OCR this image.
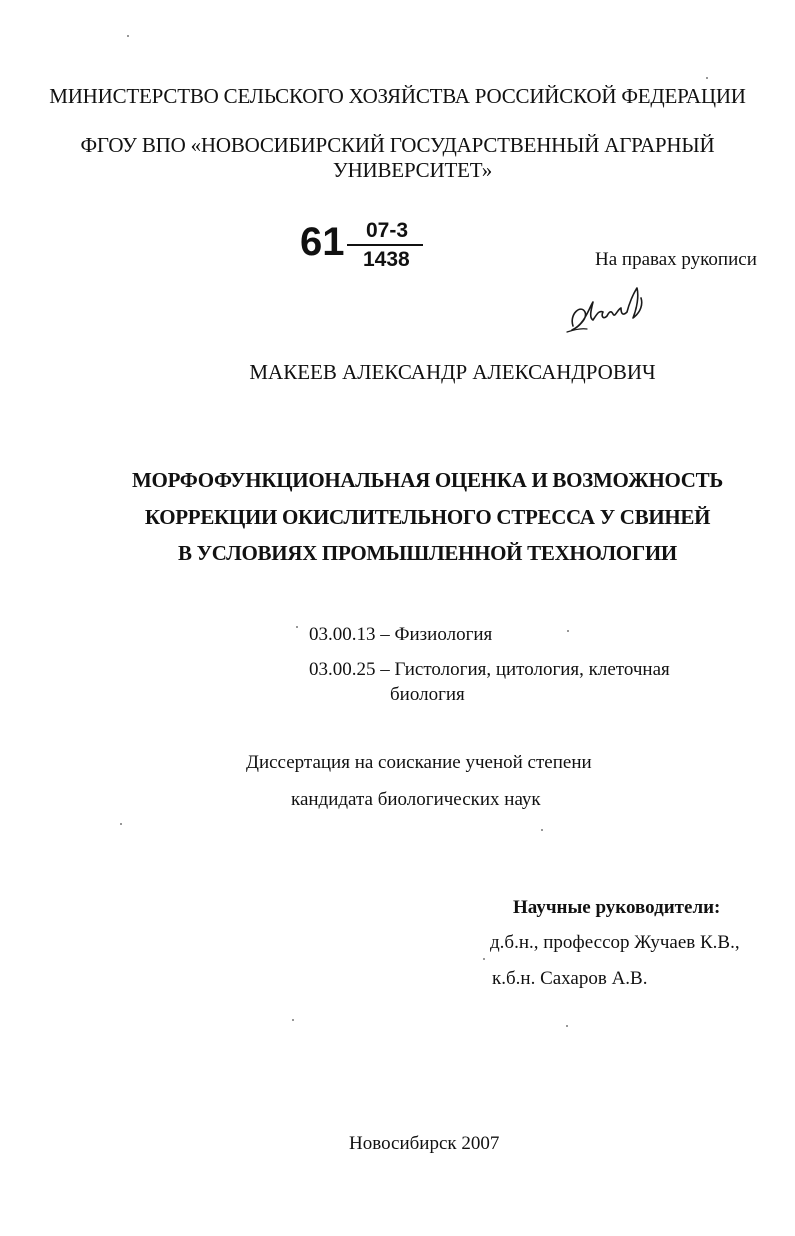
МИНИСТЕРСТВО СЕЛЬСКОГО ХОЗЯЙСТВА РОССИЙСКОЙ ФЕДЕРАЦИИ
ФГОУ ВПО «НОВОСИБИРСКИЙ ГОСУДАРСТВЕННЫЙ АГРАРНЫЙ
УНИВЕРСИТЕТ»
61 07-3
1438	На правах рукописи
МАКЕЕВ АЛЕКСАНДР АЛЕКСАНДРОВИЧ
МОРФОФУНКЦИОНАЛЬНАЯ ОЦЕНКА И ВОЗМОЖНОСТЬ
КОРРЕКЦИИ ОКИСЛИТЕЛЬНОГО СТРЕССА У СВИНЕЙ
В УСЛОВИЯХ ПРОМЫШЛЕННОЙ ТЕХНОЛОГИИ
03.00.13 – Физиология
03.00.25 – Гистология, цитология, клеточная
биология
Диссертация на соискание ученой степени
кандидата биологических наук
Научные руководители:
д.б.н., профессор Жучаев К.В.,
к.б.н. Сахаров А.В.
Новосибирск 2007
